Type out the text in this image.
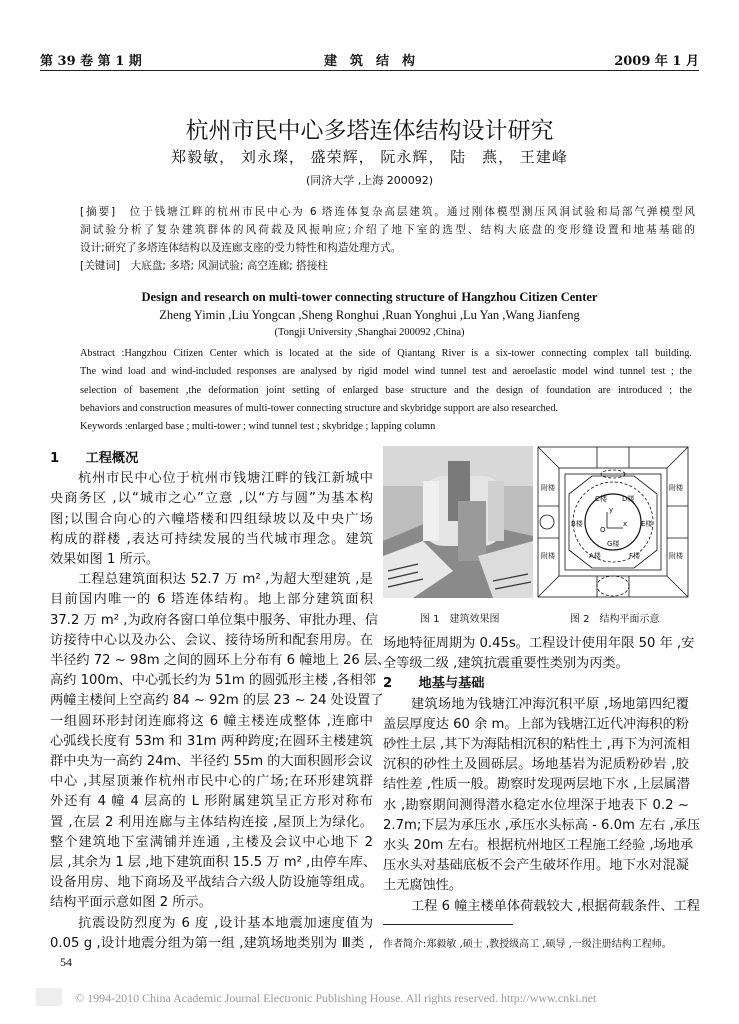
第 39 卷 第 1 期	建　筑　结　构	2009 年 1 月
杭州市民中心多塔连体结构设计研究
郑毅敏， 刘永璨， 盛荣辉， 阮永辉， 陆　燕， 王建峰
(同济大学 ,上海 200092)
[摘要]　位于钱塘江畔的杭州市民中心为 6 塔连体复杂高层建筑。通过刚体模型测压风洞试验和局部气弹模型风
洞试验分析了复杂建筑群体的风荷载及风振响应;介绍了地下室的选型、结构大底盘的变形缝设置和地基基础的
设计;研究了多塔连体结构以及连廊支座的受力特性和构造处理方式。
[关键词]　大底盘; 多塔; 风洞试验; 高空连廊; 搭接柱
Design and research on multi-tower connecting structure of Hangzhou Citizen Center
Zheng Yimin ,Liu Yongcan ,Sheng Ronghui ,Ruan Yonghui ,Lu Yan ,Wang Jianfeng
(Tongji University ,Shanghai 200092 ,China)
Abstract :Hangzhou Citizen Center which is located at the side of Qiantang River is a six-tower connecting complex tall building.
The wind load and wind-included responses are analysed by rigid model wind tunnel test and aeroelastic model wind tunnel test ; the
selection of basement ,the deformation joint setting of enlarged base structure and the design of foundation are introduced ; the
behaviors and construction measures of multi-tower connecting structure and skybridge support are also researched.
Keywords :enlarged base ; multi-tower ; wind tunnel test ; skybridge ; lapping column
1　　工程概况
杭州市民中心位于杭州市钱塘江畔的钱江新城中
央商务区 ,以“城市之心”立意 ,以“方与圆”为基本构
图;以围合向心的六幢塔楼和四组绿坡以及中央广场
构成的群楼 ,表达可持续发展的当代城市理念。建筑
效果如图 1 所示。
工程总建筑面积达 52.7 万 m² ,为超大型建筑 ,是
目前国内唯一的 6 塔连体结构。地上部分建筑面积
37.2 万 m² ,为政府各窗口单位集中服务、审批办理、信
访接待中心以及办公、会议、接待场所和配套用房。在
半径约 72 ~ 98m 之间的圆环上分布有 6 幢地上 26 层、
高约 100m、中心弧长约为 51m 的圆弧形主楼 ,各相邻
两幢主楼间上空高约 84 ~ 92m 的层 23 ~ 24 处设置了
一组圆环形封闭连廊将这 6 幢主楼连成整体 ,连廊中
心弧线长度有 53m 和 31m 两种跨度;在圆环主楼建筑
群中央为一高约 24m、半径约 55m 的大面积圆形会议
中心 ,其屋顶兼作杭州市民中心的广场;在环形建筑群
外还有 4 幢 4 层高的 L 形附属建筑呈正方形对称布
置 ,在层 2 利用连廊与主体结构连接 ,屋顶上为绿化。
整个建筑地下室满铺并连通 ,主楼及会议中心地下 2
层 ,其余为 1 层 ,地下建筑面积 15.5 万 m² ,由停车库、
设备用房、地下商场及平战结合六级人防设施等组成。
结构平面示意如图 2 所示。
抗震设防烈度为 6 度 ,设计基本地震加速度值为
0.05 g ,设计地震分组为第一组 ,建筑场地类别为 Ⅲ类 ,
场地特征周期为 0.45s。工程设计使用年限 50 年 ,安
全等级二级 ,建筑抗震重要性类别为丙类。
2　　地基与基础
建筑场地为钱塘江冲海沉积平原 ,场地第四纪覆
盖层厚度达 60 余 m。上部为钱塘江近代冲海积的粉
砂性土层 ,其下为海陆相沉积的粘性土 ,再下为河流相
沉积的砂性土及圆砾层。场地基岩为泥质粉砂岩 ,胶
结性差 ,性质一般。勘察时发现两层地下水 ,上层属潜
水 ,勘察期间测得潜水稳定水位埋深于地表下 0.2 ~
2.7m;下层为承压水 ,承压水头标高 - 6.0m 左右 ,承压
水头 20m 左右。根据杭州地区工程施工经验 ,场地承
压水头对基础底板不会产生破坏作用。地下水对混凝
土无腐蚀性。
工程 6 幢主楼单体荷载较大 ,根据荷载条件、工程
C楼 D楼
B楼	E楼
A楼	F楼
G楼
附楼
附楼
附楼
附楼
y
x
O
图 1　建筑效果图	图 2　结构平面示意
作者简介:郑毅敏 ,硕士 ,教授级高工 ,硕导 ,一级注册结构工程师。
54
© 1994-2010 China Academic Journal Electronic Publishing House. All rights reserved. http://www.cnki.net
